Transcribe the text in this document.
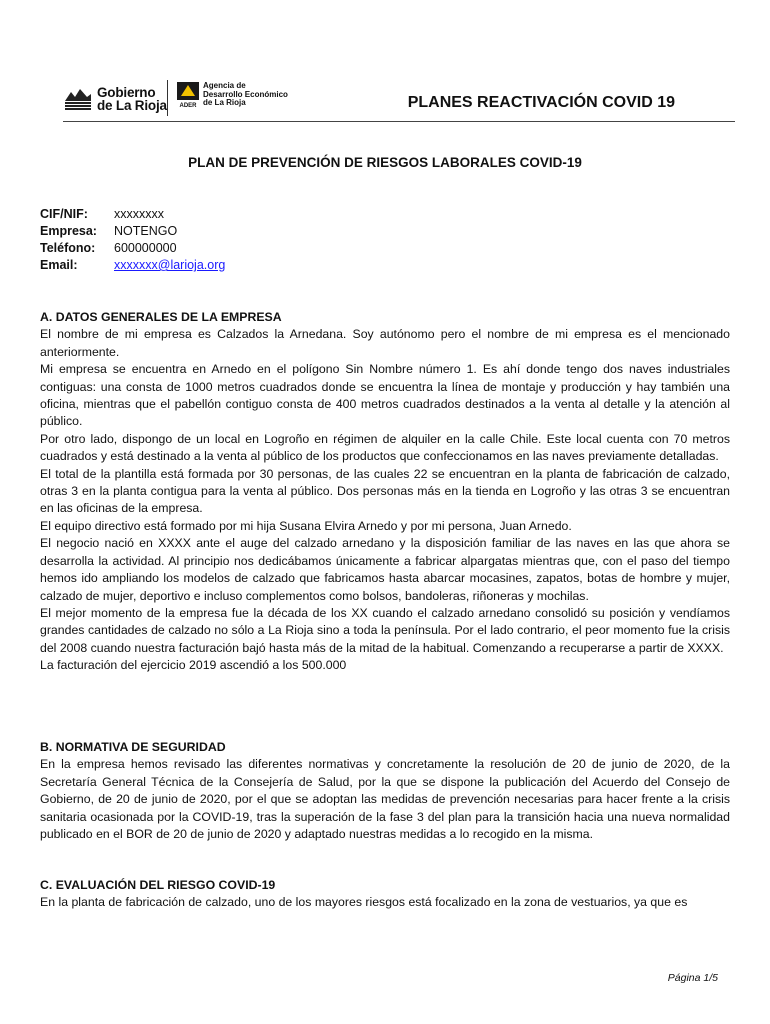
Gobierno
de La Rioja ADER
Agencia de
Desarrollo Económico
de La Rioja	PLANES REACTIVACIÓN COVID 19
PLAN DE PREVENCIÓN DE RIESGOS LABORALES COVID-19
CIF/NIF:	xxxxxxxx
Empresa:	NOTENGO
Teléfono:	600000000
Email:	xxxxxxx@larioja.org
A. DATOS GENERALES DE LA EMPRESA

El nombre de mi empresa es Calzados la Arnedana. Soy autónomo pero el nombre de mi empresa es el mencionado anteriormente.

Mi empresa se encuentra en Arnedo en el polígono Sin Nombre número 1. Es ahí donde tengo dos naves industriales contiguas: una consta de 1000 metros cuadrados donde se encuentra la línea de montaje y producción y hay también una oficina, mientras que el pabellón contiguo consta de 400 metros cuadrados destinados a la venta al detalle y la atención al público.

Por otro lado, dispongo de un local en Logroño en régimen de alquiler en la calle Chile. Este local cuenta con 70 metros cuadrados y está destinado a la venta al público de los productos que confeccionamos en las naves previamente detalladas.

El total de la plantilla está formada por 30 personas, de las cuales 22 se encuentran en la planta de fabricación de calzado, otras 3 en la planta contigua para la venta al público. Dos personas más en la tienda en Logroño y las otras 3 se encuentran en las oficinas de la empresa.

El equipo directivo está formado por mi hija Susana Elvira Arnedo y por mi persona, Juan Arnedo.

El negocio nació en XXXX ante el auge del calzado arnedano y la disposición familiar de las naves en las que ahora se desarrolla la actividad. Al principio nos dedicábamos únicamente a fabricar alpargatas mientras que, con el paso del tiempo hemos ido ampliando los modelos de calzado que fabricamos hasta abarcar mocasines, zapatos, botas de hombre y mujer, calzado de mujer, deportivo e incluso complementos como bolsos, bandoleras, riñoneras y mochilas.

El mejor momento de la empresa fue la década de los XX cuando el calzado arnedano consolidó su posición y vendíamos grandes cantidades de calzado no sólo a La Rioja sino a toda la península. Por el lado contrario, el peor momento fue la crisis del 2008 cuando nuestra facturación bajó hasta más de la mitad de la habitual. Comenzando a recuperarse a partir de XXXX.

La facturación del ejercicio 2019 ascendió a los 500.000

B. NORMATIVA DE SEGURIDAD

En la empresa hemos revisado las diferentes normativas y concretamente la resolución de 20 de junio de 2020, de la Secretaría General Técnica de la Consejería de Salud, por la que se dispone la publicación del Acuerdo del Consejo de Gobierno, de 20 de junio de 2020, por el que se adoptan las medidas de prevención necesarias para hacer frente a la crisis sanitaria ocasionada por la COVID-19, tras la superación de la fase 3 del plan para la transición hacia una nueva normalidad publicado en el BOR de 20 de junio de 2020 y adaptado nuestras medidas a lo recogido en la misma.

C. EVALUACIÓN DEL RIESGO COVID-19

En la planta de fabricación de calzado, uno de los mayores riesgos está focalizado en la zona de vestuarios, ya que es

Página 1/5
